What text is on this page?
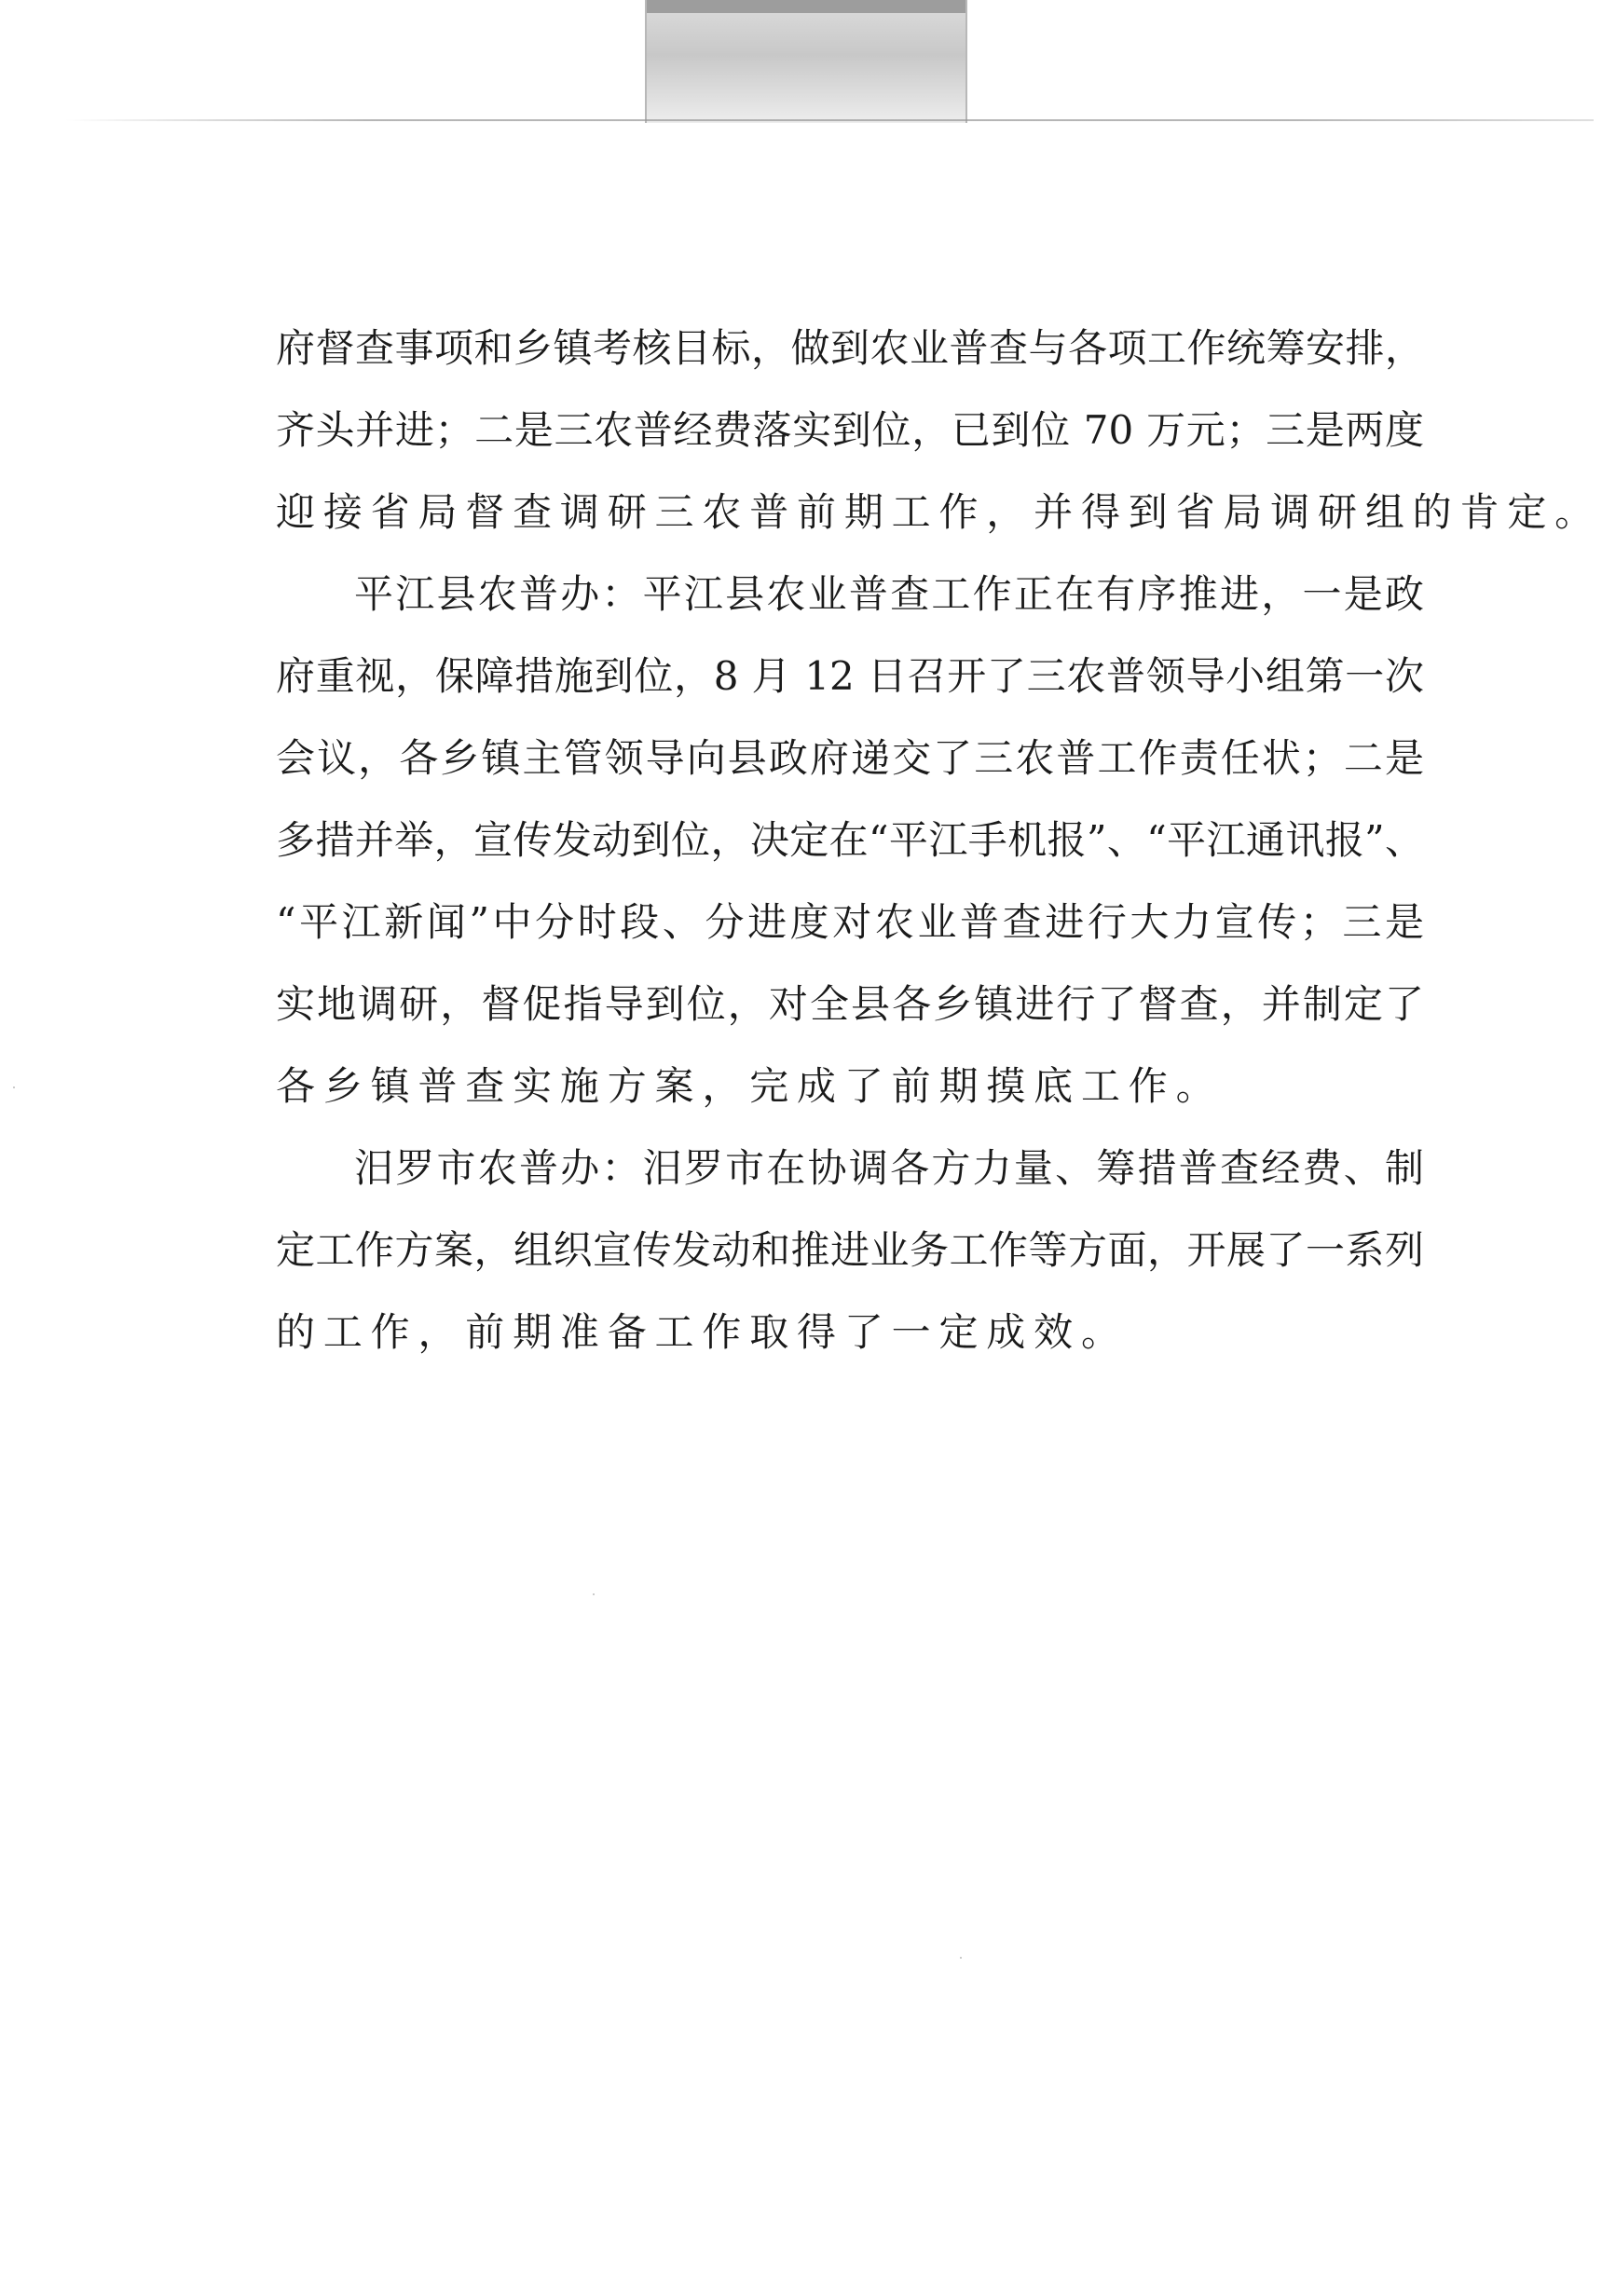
府督查事项和乡镇考核目标，做到农业普查与各项工作统筹安排，
齐头并进；二是三农普经费落实到位，已到位 70 万元；三是两度
迎接省局督查调研三农普前期工作，并得到省局调研组的肯定。
平江县农普办：平江县农业普查工作正在有序推进，一是政
府重视，保障措施到位，8 月 12 日召开了三农普领导小组第一次
会议，各乡镇主管领导向县政府递交了三农普工作责任状；二是
多措并举，宣传发动到位，决定在“平江手机报”、“平江通讯报”、
“平江新闻”中分时段、分进度对农业普查进行大力宣传；三是
实地调研，督促指导到位，对全县各乡镇进行了督查，并制定了
各乡镇普查实施方案，完成了前期摸底工作。
汨罗市农普办：汨罗市在协调各方力量、筹措普查经费、制
定工作方案，组织宣传发动和推进业务工作等方面，开展了一系列
的工作，前期准备工作取得了一定成效。
